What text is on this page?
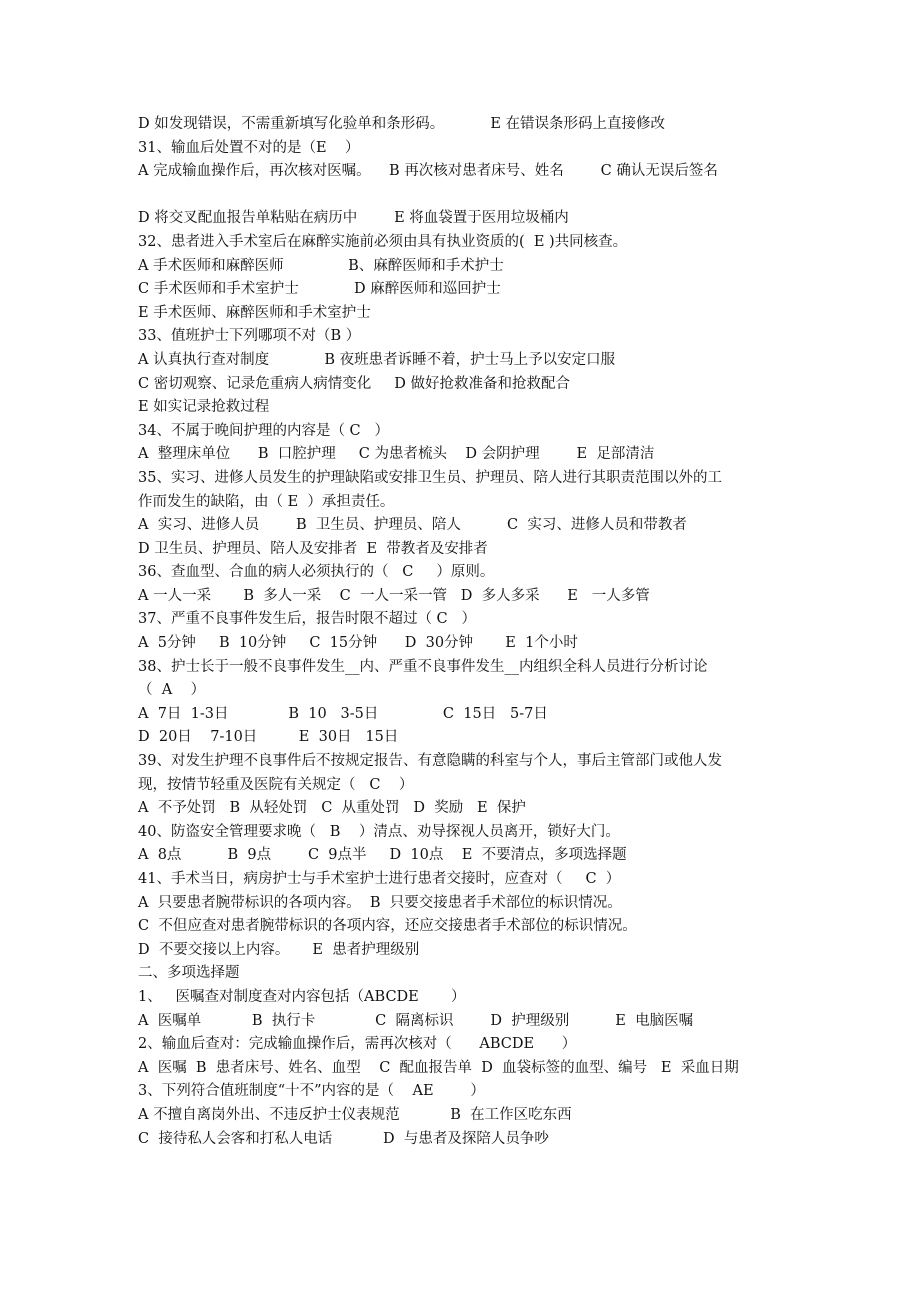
D 如发现错误，不需重新填写化验单和条形码。          E 在错误条形码上直接修改
31、输血后处置不对的是（E    ）
A 完成输血操作后，再次核对医嘱。    B 再次核对患者床号、姓名        C 确认无误后签名
D 将交叉配血报告单粘贴在病历中        E 将血袋置于医用垃圾桶内
32、患者进入手术室后在麻醉实施前必须由具有执业资质的(  E )共同核查。
A 手术医师和麻醉医师              B、麻醉医师和手术护士
C 手术医师和手术室护士            D 麻醉医师和巡回护士
E 手术医师、麻醉医师和手术室护士
33、值班护士下列哪项不对（B ）
A 认真执行查对制度            B 夜班患者诉睡不着，护士马上予以安定口服
C 密切观察、记录危重病人病情变化     D 做好抢救准备和抢救配合
E 如实记录抢救过程
34、不属于晚间护理的内容是（ C   ）
A  整理床单位      B  口腔护理     C 为患者梳头    D 会阴护理        E  足部清洁
35、实习、进修人员发生的护理缺陷或安排卫生员、护理员、陪人进行其职责范围以外的工
作而发生的缺陷，由（ E  ）承担责任。
A  实习、进修人员        B  卫生员、护理员、陪人          C  实习、进修人员和带教者
D 卫生员、护理员、陪人及安排者  E  带教者及安排者
36、查血型、合血的病人必须执行的（   C     ）原则。
A 一人一采       B  多人一采    C  一人一采一管   D  多人多采      E   一人多管
37、严重不良事件发生后，报告时限不超过（ C   ）
A  5分钟     B  10分钟     C  15分钟      D  30分钟       E  1个小时
38、护士长于一般不良事件发生__内、严重不良事件发生__内组织全科人员进行分析讨论
（  A    ）
A  7日  1-3日             B  10   3-5日              C  15日   5-7日
D  20日    7-10日         E  30日   15日
39、对发生护理不良事件后不按规定报告、有意隐瞒的科室与个人，事后主管部门或他人发
现，按情节轻重及医院有关规定（   C    ）
A  不予处罚   B  从轻处罚   C  从重处罚   D  奖励   E  保护
40、防盗安全管理要求晚（   B    ）清点、劝导探视人员离开，锁好大门。
A  8点          B  9点        C  9点半     D  10点    E  不要清点，多项选择题
41、手术当日，病房护士与手术室护士进行患者交接时，应查对（     C  ）
A  只要患者腕带标识的各项内容。  B  只要交接患者手术部位的标识情况。
C  不但应查对患者腕带标识的各项内容，还应交接患者手术部位的标识情况。
D  不要交接以上内容。     E  患者护理级别
二、多项选择题
1、   医嘱查对制度查对内容包括（ABCDE       ）
A  医嘱单           B  执行卡             C  隔离标识        D  护理级别          E  电脑医嘱
2、输血后查对：完成输血操作后，需再次核对（      ABCDE      ）
A  医嘱  B  患者床号、姓名、血型    C  配血报告单  D  血袋标签的血型、编号   E  采血日期
3、下列符合值班制度“十不”内容的是（    AE        ）
A 不擅自离岗外出、不违反护士仪表规范           B  在工作区吃东西
C  接待私人会客和打私人电话           D  与患者及探陪人员争吵
